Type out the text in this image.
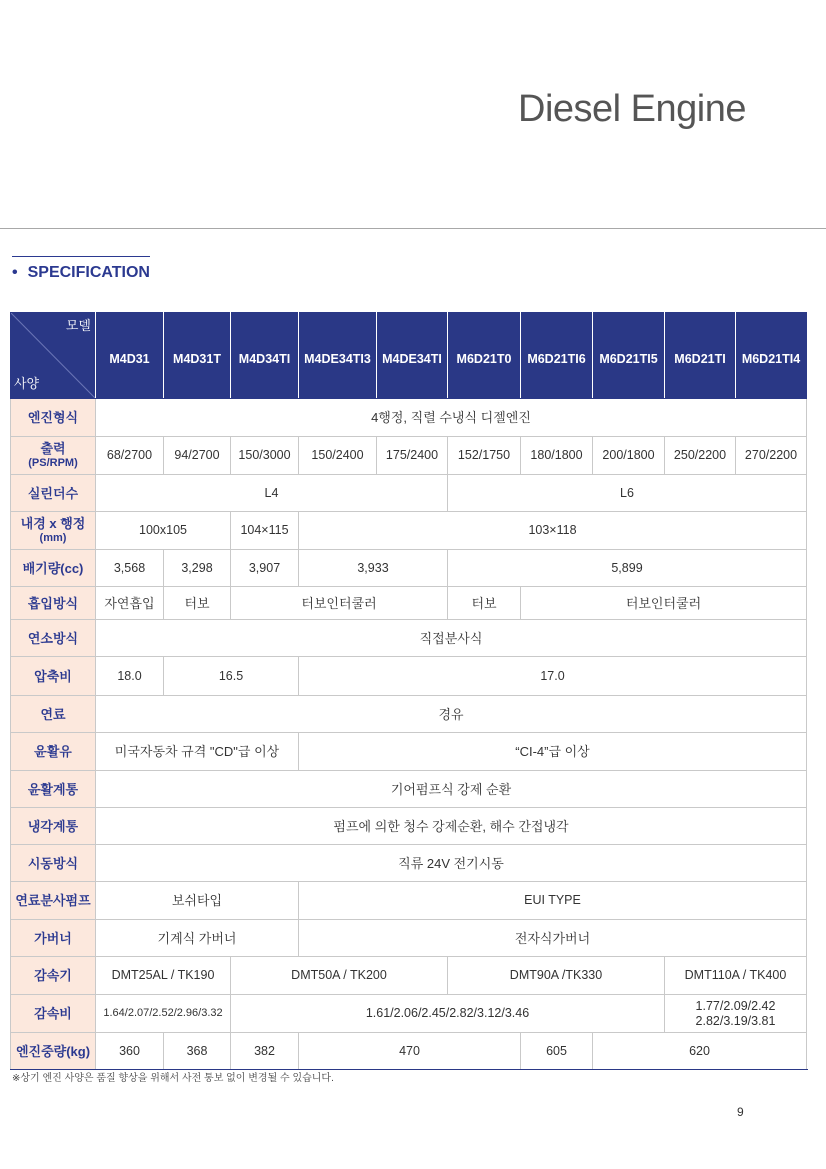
Diesel Engine
• SPECIFICATION
모델
사양	M4D31	M4D31T	M4D34TI	M4DE34TI3	M4DE34TI	M6D21T0	M6D21TI6	M6D21TI5	M6D21TI	M6D21TI4
엔진형식	4행정, 직렬 수냉식 디젤엔진									

출력
(PS/RPM)	68/2700	94/2700	150/3000	150/2400	175/2400	152/1750	180/1800	200/1800	250/2200	270/2200
실린더수	L4					L6				

내경 x 행정
(mm)	100x105		104×115	103×118						
배기량(cc)	3,568	3,298	3,907	3,933		5,899				
흡입방식	자연흡입	터보	터보인터쿨러			터보	터보인터쿨러			
연소방식	직접분사식									
압축비	18.0	16.5		17.0						
연료	경유									
윤활유	미국자동차 규격 "CD"급 이상			“CI-4”급 이상						
윤활계통	기어펌프식 강제 순환									
냉각계통	펌프에 의한 청수 강제순환, 해수 간접냉각									
시동방식	직류 24V 전기시동									
연료분사펌프	보쉬타입			EUI TYPE						
가버너	기계식 가버너			전자식가버너						
감속기	DMT25AL / TK190		DMT50A / TK200			DMT90A /TK330			DMT110A / TK400	
감속비	1.64/2.07/2.52/2.96/3.32		1.61/2.06/2.45/2.82/3.12/3.46						1.77/2.09/2.42
2.82/3.19/3.81	

엔진중량(kg)	360	368	382	470			605	620		
※상기 엔진 사양은 품질 향상을 위해서 사전 통보 없이 변경될 수 있습니다.
9
